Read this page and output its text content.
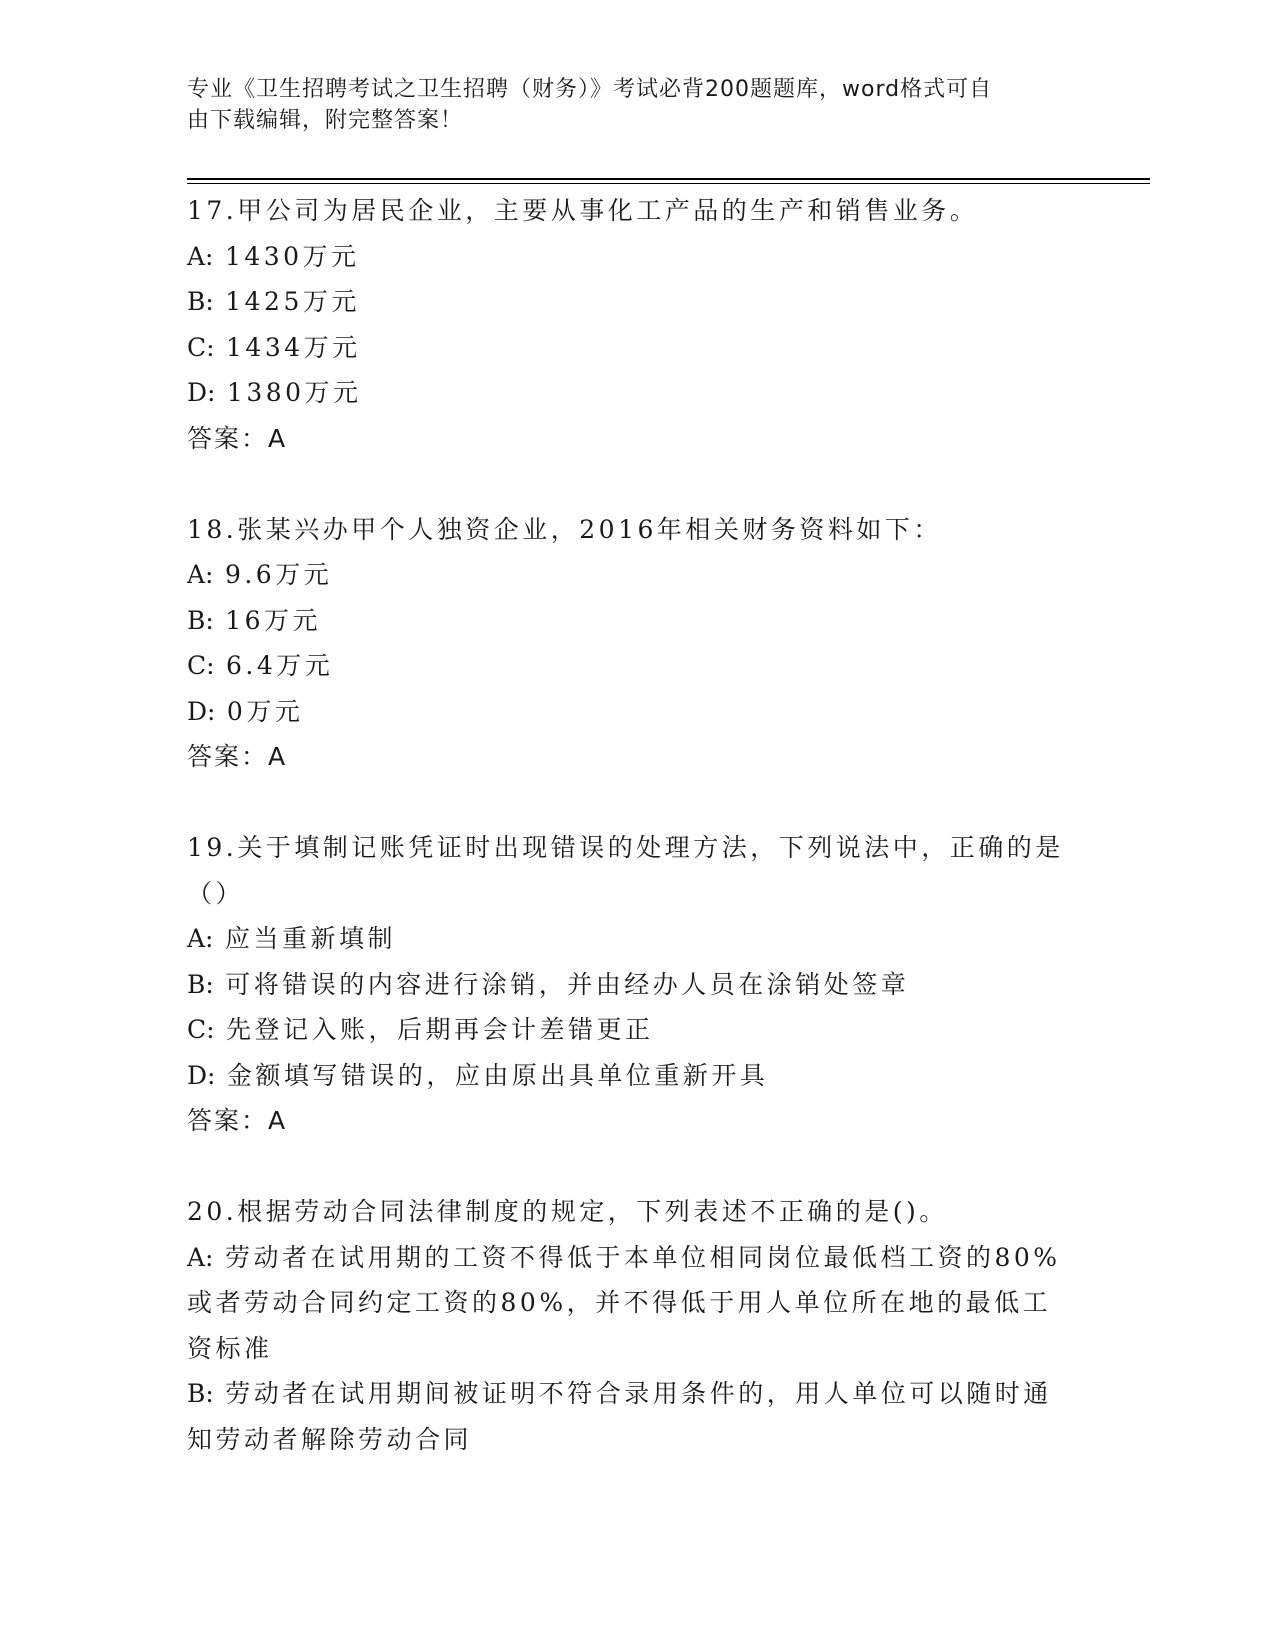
专业《卫生招聘考试之卫生招聘（财务）》考试必背200题题库，word格式可自
由下载编辑，附完整答案！
17.甲公司为居民企业，主要从事化工产品的生产和销售业务。
A: 1430万元
B: 1425万元
C: 1434万元
D: 1380万元
答案：A
18.张某兴办甲个人独资企业，2016年相关财务资料如下：
A: 9.6万元
B: 16万元
C: 6.4万元
D: 0万元
答案：A
19.关于填制记账凭证时出现错误的处理方法，下列说法中，正确的是（）
A: 应当重新填制
B: 可将错误的内容进行涂销，并由经办人员在涂销处签章
C: 先登记入账，后期再会计差错更正
D: 金额填写错误的，应由原出具单位重新开具
答案：A
20.根据劳动合同法律制度的规定，下列表述不正确的是()。
A: 劳动者在试用期的工资不得低于本单位相同岗位最低档工资的80%或者劳动合同约定工资的80%，并不得低于用人单位所在地的最低工资标准
B: 劳动者在试用期间被证明不符合录用条件的，用人单位可以随时通知劳动者解除劳动合同
